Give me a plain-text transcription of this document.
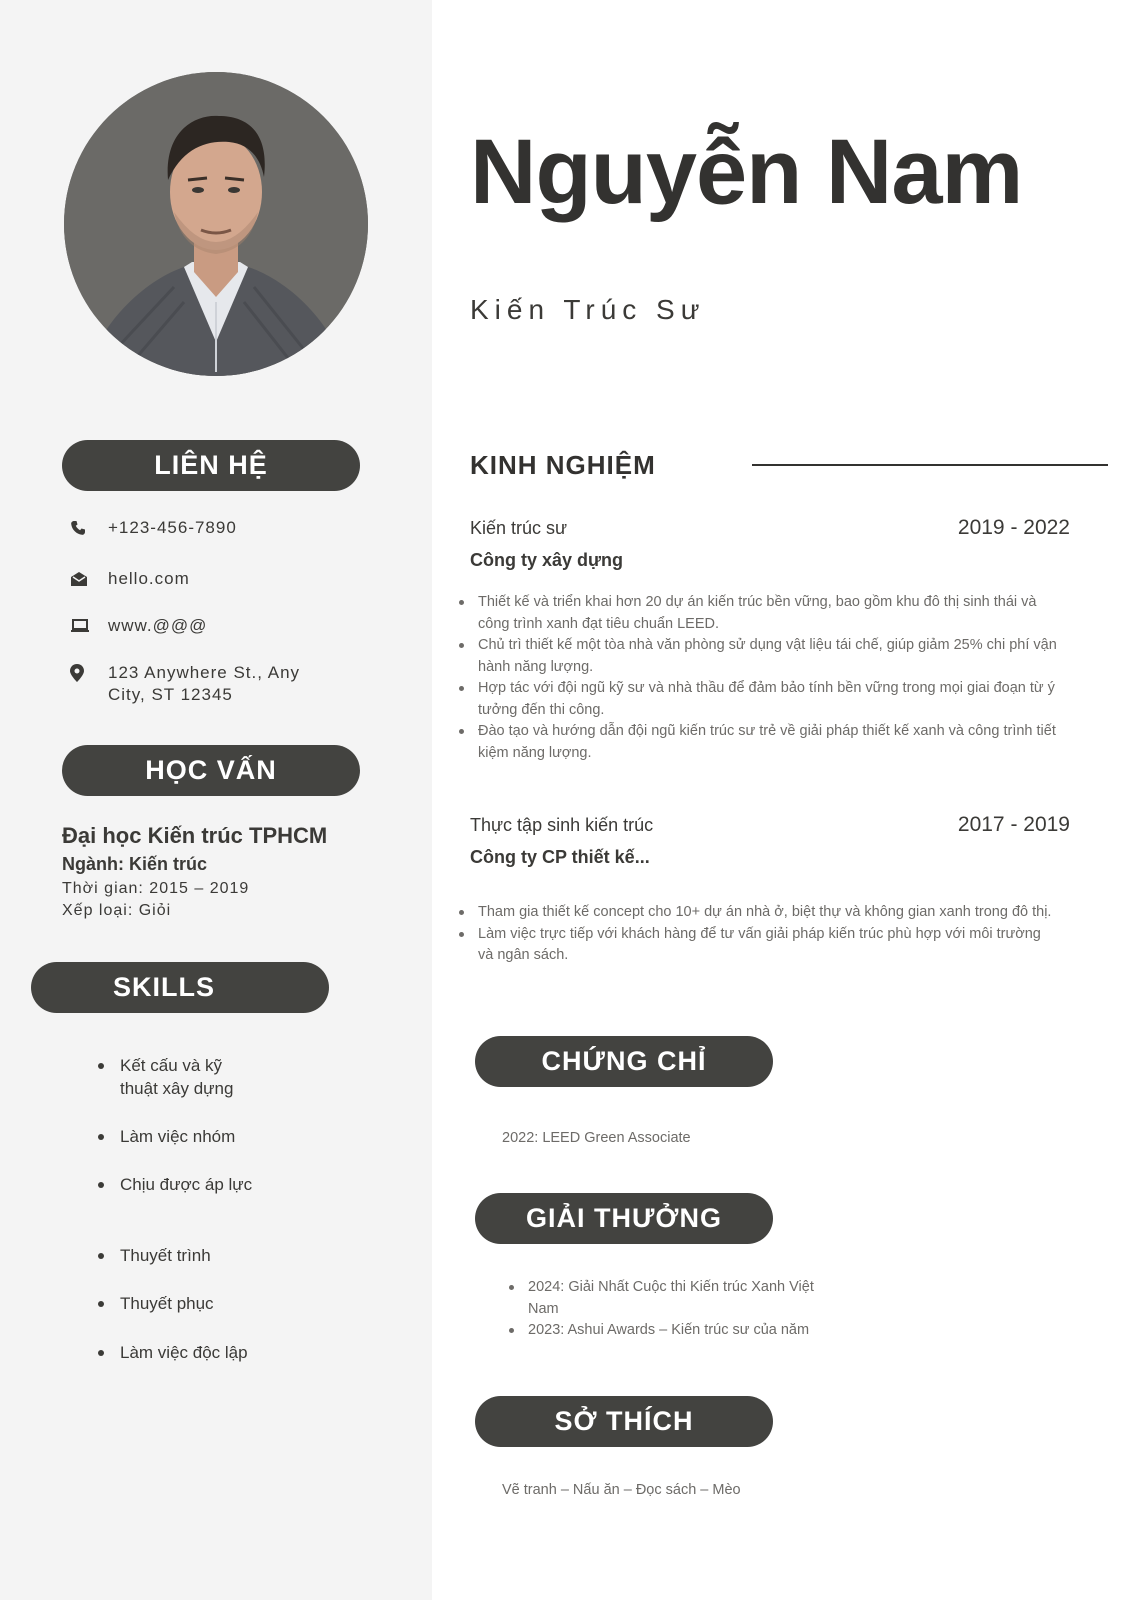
LIÊN HỆ
+123-456-7890
hello.com
www.@@@
123 Anywhere St., Any
City, ST 12345
HỌC VẤN
Đại học Kiến trúc TPHCM
Ngành: Kiến trúc
Thời gian: 2015 – 2019
Xếp loại: Giỏi
SKILLS
Kết cấu và kỹ thuật xây dựng
Làm việc nhóm
Chịu được áp lực
Thuyết trình
Thuyết phục
Làm việc độc lập
Nguyễn Nam
Kiến Trúc Sư
KINH NGHIỆM
Kiến trúc sư	2019 - 2022
Công ty xây dựng
Thiết kế và triển khai hơn 20 dự án kiến trúc bền vững, bao gồm khu đô thị sinh thái và công trình xanh đạt tiêu chuẩn LEED.
Chủ trì thiết kế một tòa nhà văn phòng sử dụng vật liệu tái chế, giúp giảm 25% chi phí vận hành năng lượng.
Hợp tác với đội ngũ kỹ sư và nhà thầu để đảm bảo tính bền vững trong mọi giai đoạn từ ý tưởng đến thi công.
Đào tạo và hướng dẫn đội ngũ kiến trúc sư trẻ về giải pháp thiết kế xanh và công trình tiết kiệm năng lượng.
Thực tập sinh kiến trúc	2017 - 2019
Công ty CP thiết kế...
Tham gia thiết kế concept cho 10+ dự án nhà ở, biệt thự và không gian xanh trong đô thị.
Làm việc trực tiếp với khách hàng để tư vấn giải pháp kiến trúc phù hợp với môi trường và ngân sách.
CHỨNG CHỈ
2022: LEED Green Associate
GIẢI THƯỞNG
2024: Giải Nhất Cuộc thi Kiến trúc Xanh Việt Nam
2023: Ashui Awards – Kiến trúc sư của năm
SỞ THÍCH
Vẽ tranh – Nấu ăn – Đọc sách – Mèo
